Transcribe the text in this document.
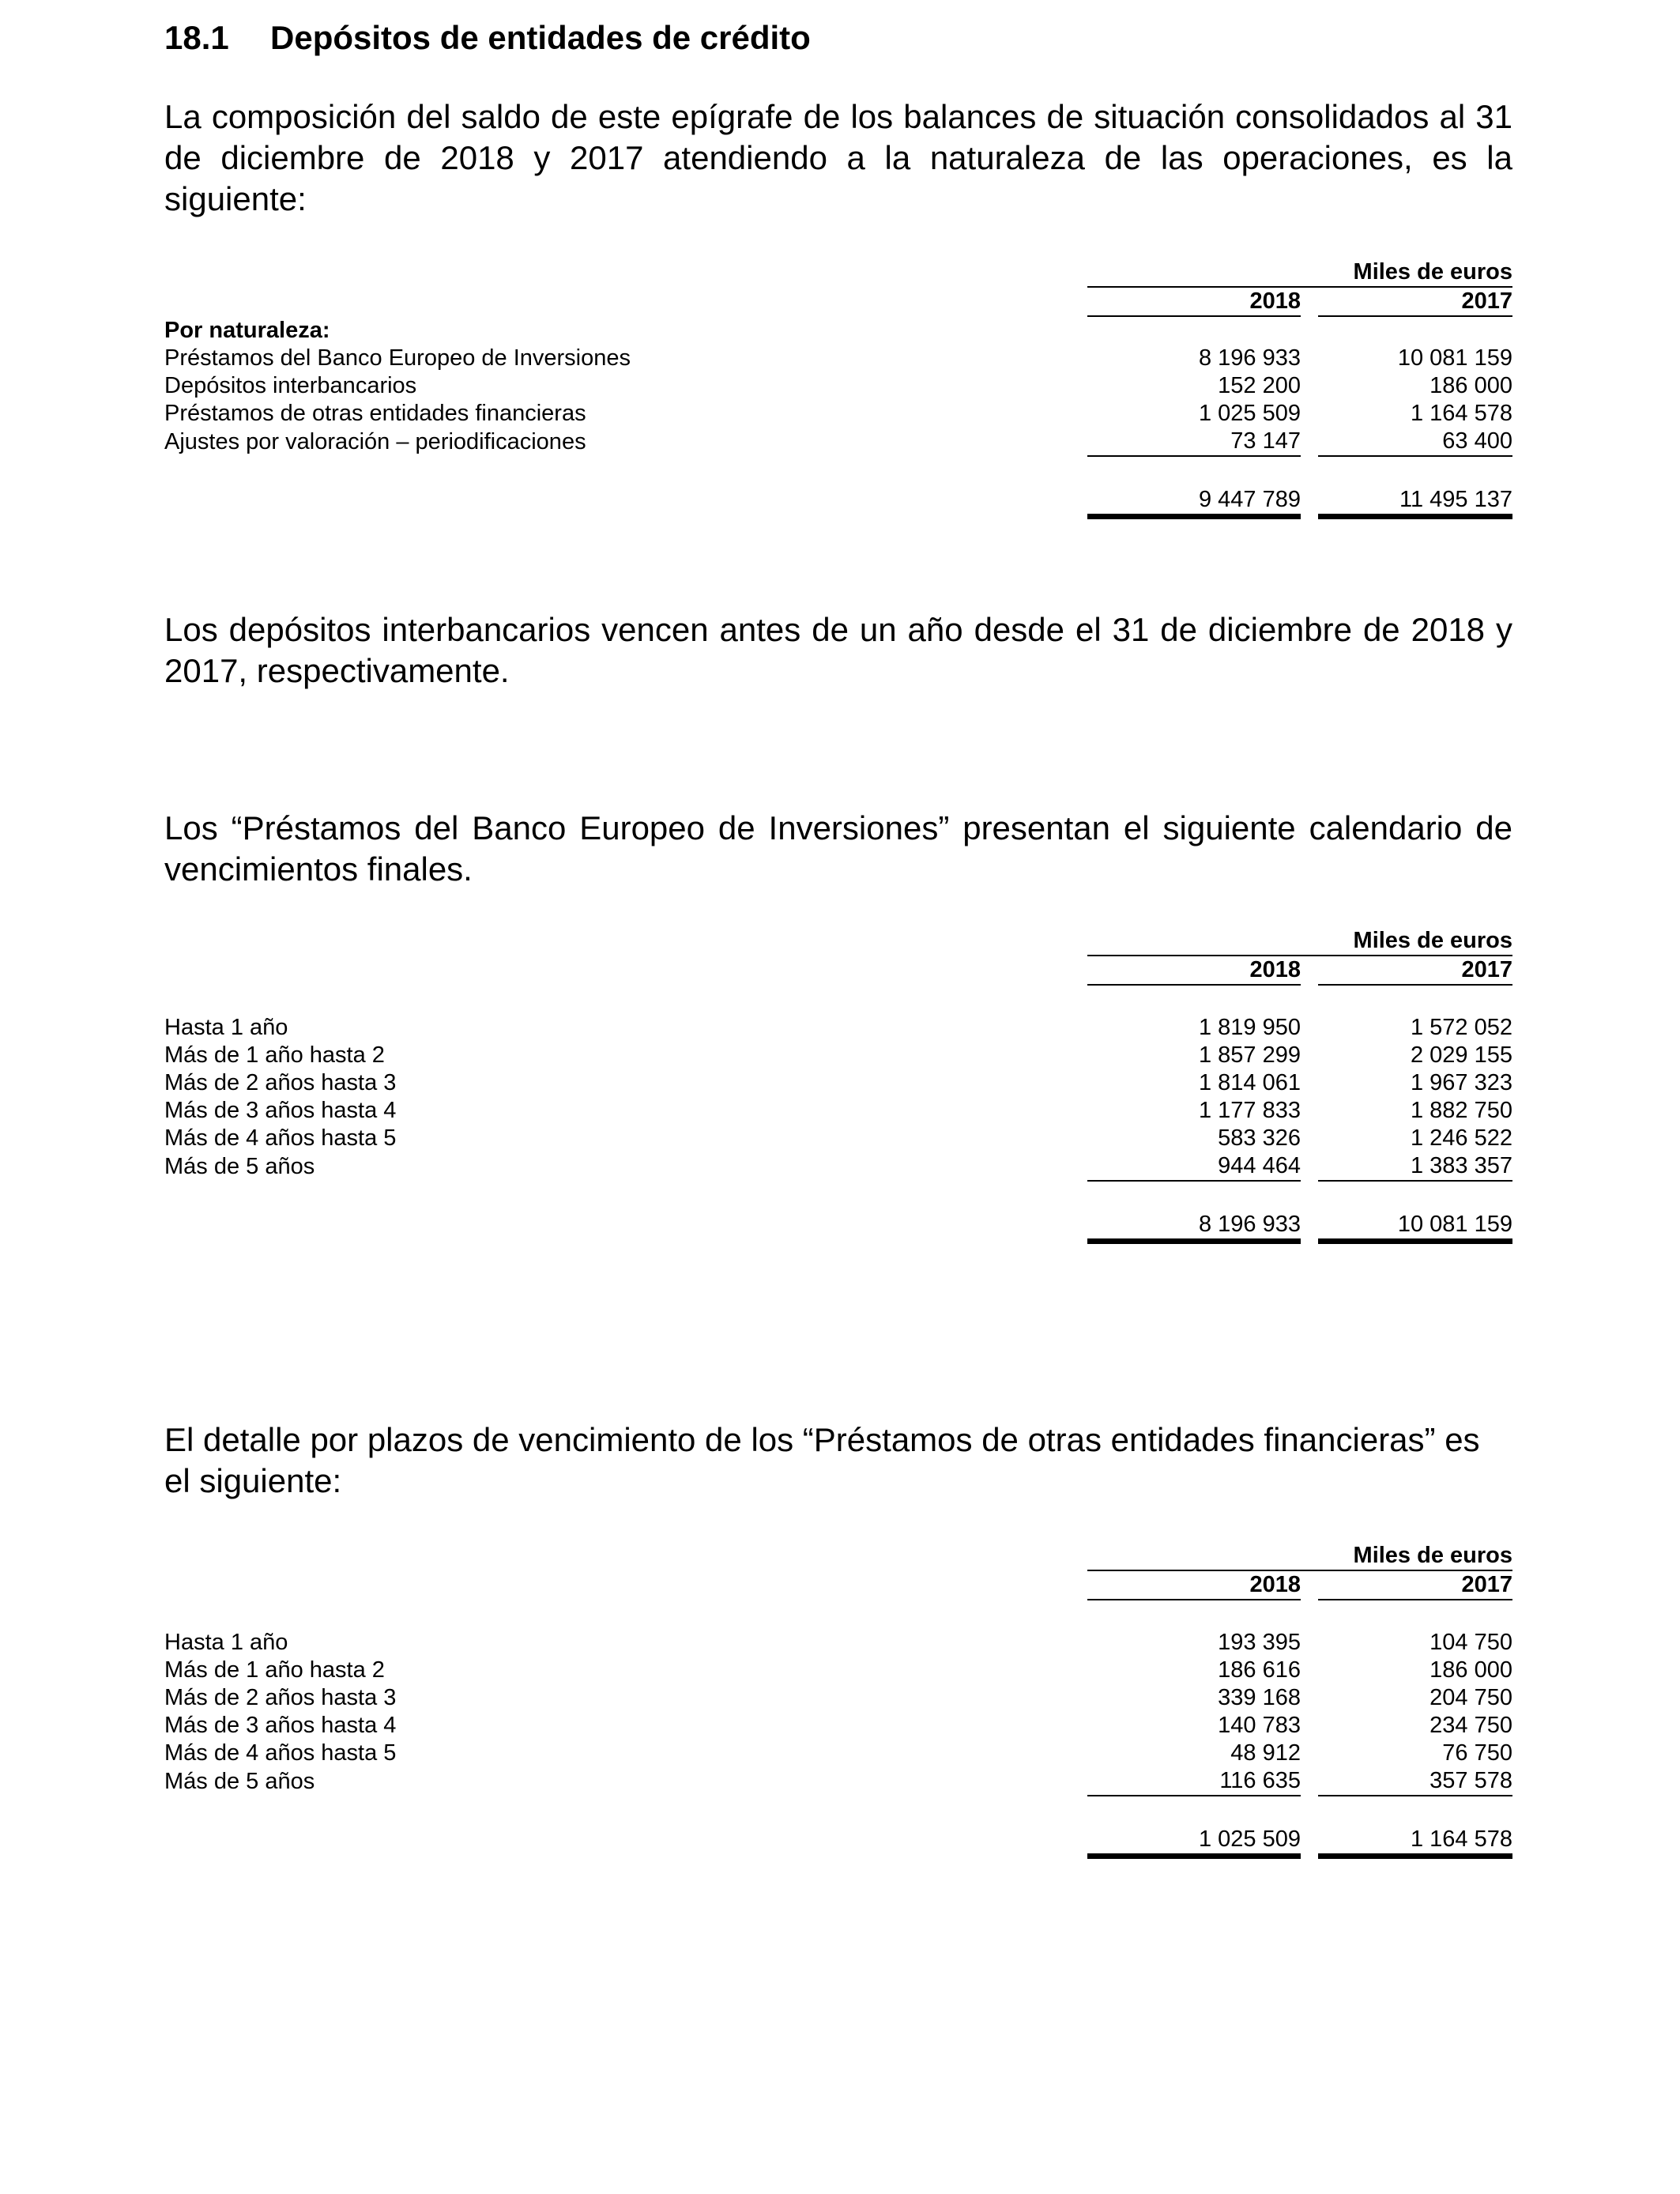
18.1 Depósitos de entidades de crédito

La composición del saldo de este epígrafe de los balances de situación consolidados al 31 de diciembre de 2018 y 2017 atendiendo a la naturaleza de las operaciones, es la siguiente:

	Miles de euros		
	2018		2017
Por naturaleza:			
Préstamos del Banco Europeo de Inversiones	8 196 933		10 081 159
Depósitos interbancarios	152 200		186 000
Préstamos de otras entidades financieras	1 025 509		1 164 578
Ajustes por valoración – periodificaciones	73 147		63 400

	9 447 789		11 495 137

Los depósitos interbancarios vencen antes de un año desde el 31 de diciembre de 2018 y 2017, respectivamente.

Los “Préstamos del Banco Europeo de Inversiones” presentan el siguiente calendario de vencimientos finales.

	Miles de euros		
	2018		2017

Hasta 1 año	1 819 950		1 572 052
Más de 1 año hasta 2	1 857 299		2 029 155
Más de 2 años hasta 3	1 814 061		1 967 323
Más de 3 años hasta 4	1 177 833		1 882 750
Más de 4 años hasta 5	583 326		1 246 522
Más de 5 años	944 464		1 383 357

	8 196 933		10 081 159

El detalle por plazos de vencimiento de los “Préstamos de otras entidades financieras” es el siguiente:

	Miles de euros		
	2018		2017

Hasta 1 año	193 395		104 750
Más de 1 año hasta 2	186 616		186 000
Más de 2 años hasta 3	339 168		204 750
Más de 3 años hasta 4	140 783		234 750
Más de 4 años hasta 5	48 912		76 750
Más de 5 años	116 635		357 578

	1 025 509		1 164 578
